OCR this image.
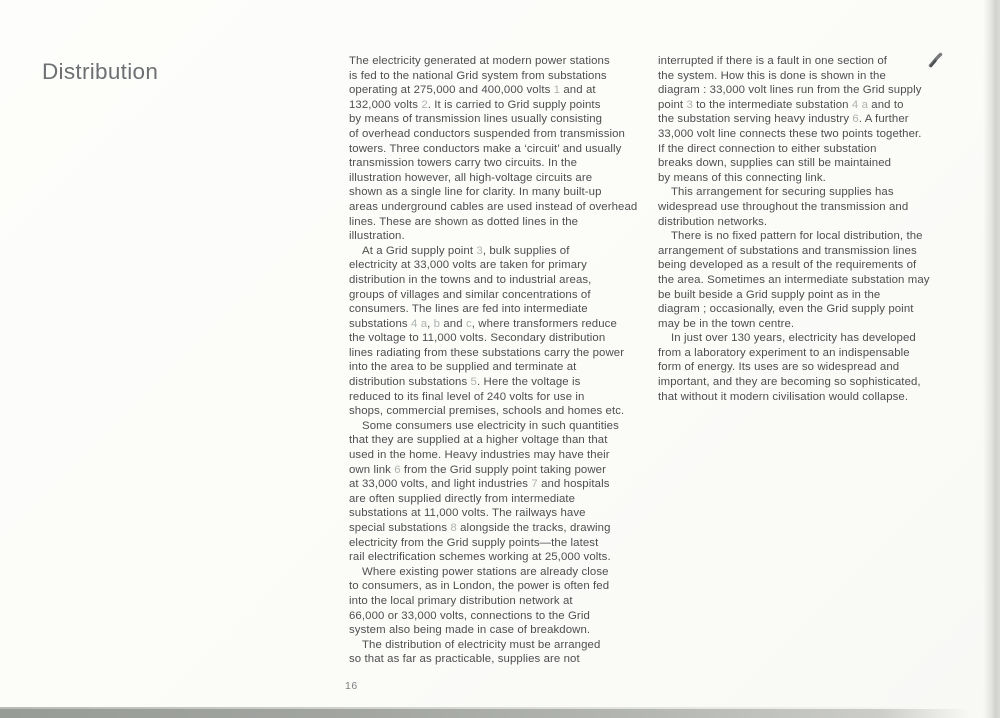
Distribution	The electricity generated at modern power stations
is fed to the national Grid system from substations
operating at 275,000 and 400,000 volts 1 and at
132,000 volts 2. It is carried to Grid supply points
by means of transmission lines usually consisting
of overhead conductors suspended from transmission
towers. Three conductors make a ‘circuit’ and usually
transmission towers carry two circuits. In the
illustration however, all high-voltage circuits are
shown as a single line for clarity. In many built-up
areas underground cables are used instead of overhead
lines. These are shown as dotted lines in the
illustration.
At a Grid supply point 3, bulk supplies of
electricity at 33,000 volts are taken for primary
distribution in the towns and to industrial areas,
groups of villages and similar concentrations of
consumers. The lines are fed into intermediate
substations 4 a, b and c, where transformers reduce
the voltage to 11,000 volts. Secondary distribution
lines radiating from these substations carry the power
into the area to be supplied and terminate at
distribution substations 5. Here the voltage is
reduced to its final level of 240 volts for use in
shops, commercial premises, schools and homes etc.
Some consumers use electricity in such quantities
that they are supplied at a higher voltage than that
used in the home. Heavy industries may have their
own link 6 from the Grid supply point taking power
at 33,000 volts, and light industries 7 and hospitals
are often supplied directly from intermediate
substations at 11,000 volts. The railways have
special substations 8 alongside the tracks, drawing
electricity from the Grid supply points—the latest
rail electrification schemes working at 25,000 volts.
Where existing power stations are already close
to consumers, as in London, the power is often fed
into the local primary distribution network at
66,000 or 33,000 volts, connections to the Grid
system also being made in case of breakdown.
The distribution of electricity must be arranged
so that as far as practicable, supplies are not
interrupted if there is a fault in one section of
the system. How this is done is shown in the
diagram : 33,000 volt lines run from the Grid supply
point 3 to the intermediate substation 4 a and to
the substation serving heavy industry 6. A further
33,000 volt line connects these two points together.
If the direct connection to either substation
breaks down, supplies can still be maintained
by means of this connecting link.
This arrangement for securing supplies has
widespread use throughout the transmission and
distribution networks.
There is no fixed pattern for local distribution, the
arrangement of substations and transmission lines
being developed as a result of the requirements of
the area. Sometimes an intermediate substation may
be built beside a Grid supply point as in the
diagram ; occasionally, even the Grid supply point
may be in the town centre.
In just over 130 years, electricity has developed
from a laboratory experiment to an indispensable
form of energy. Its uses are so widespread and
important, and they are becoming so sophisticated,
that without it modern civilisation would collapse.
16
